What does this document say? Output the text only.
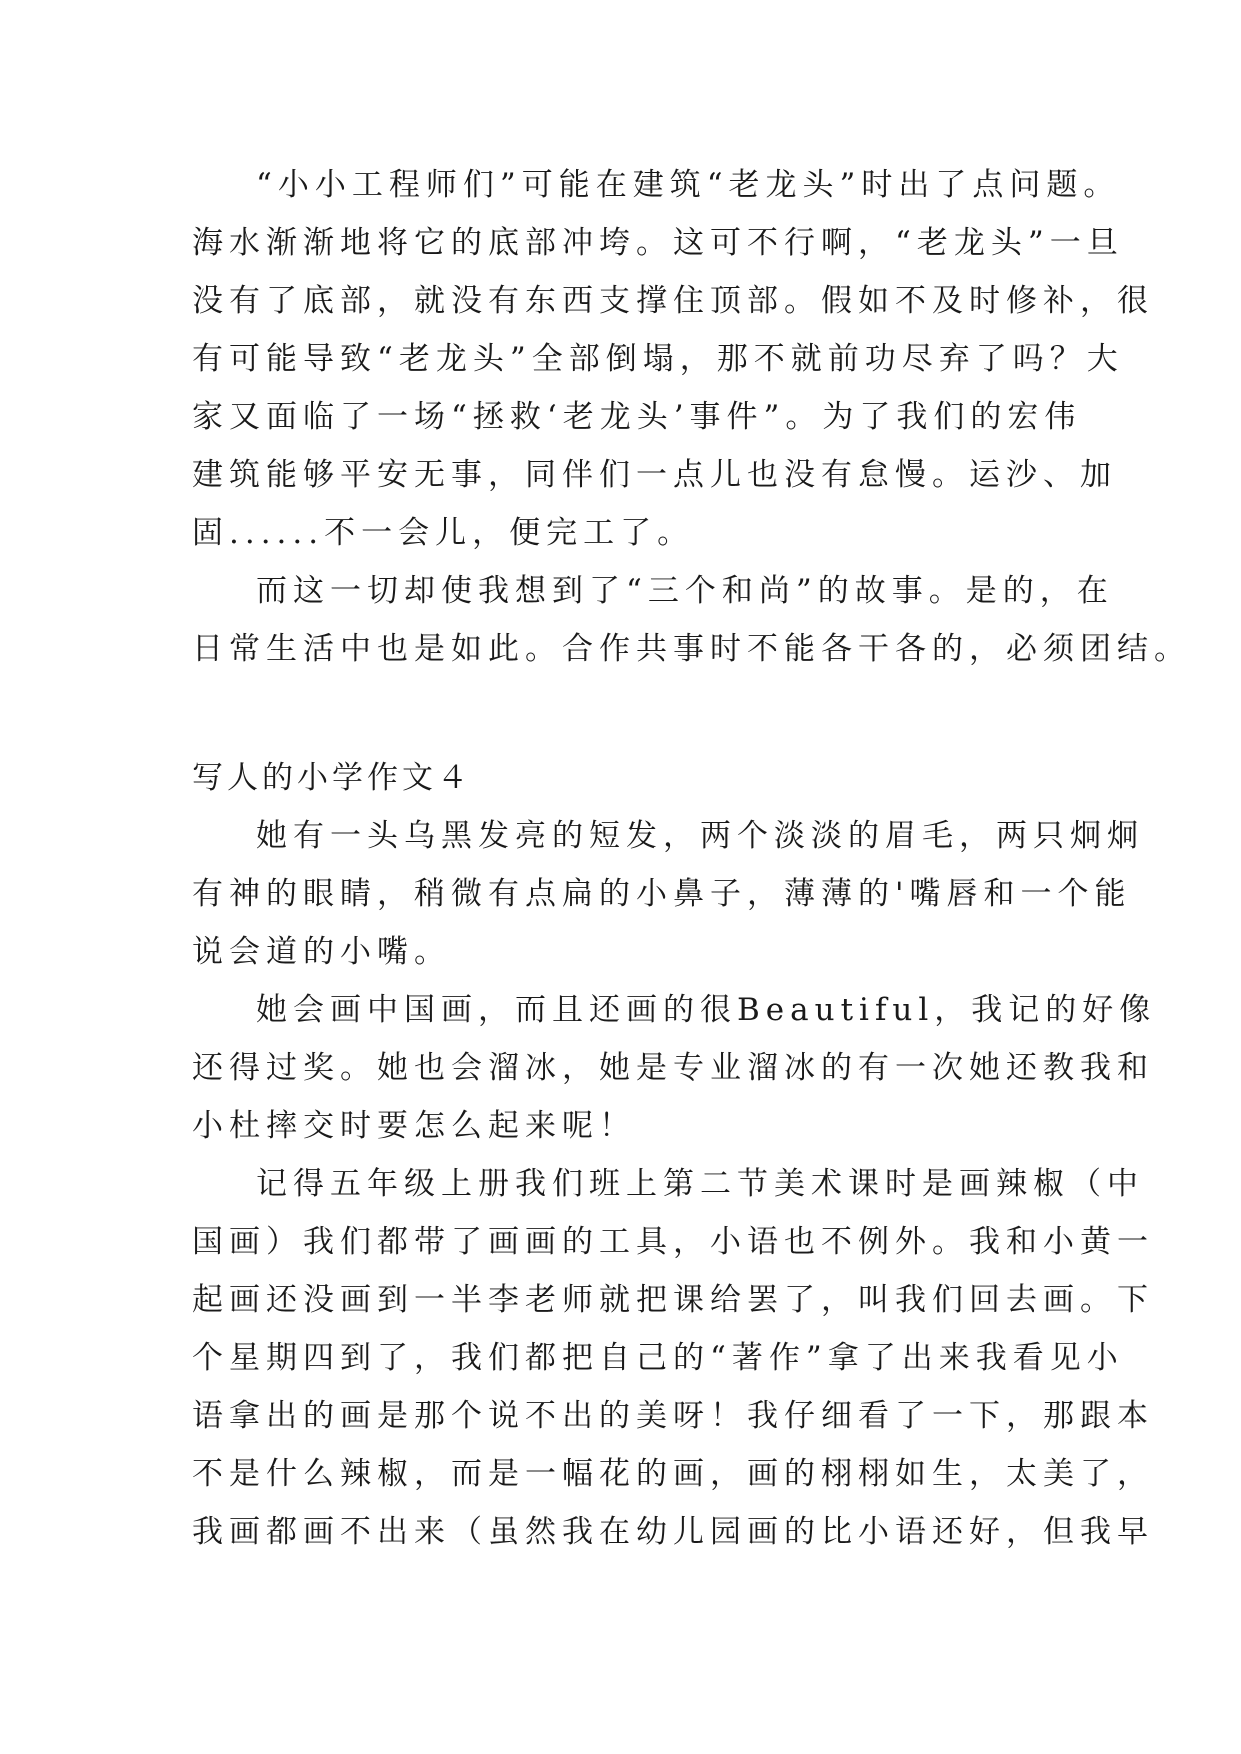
“小小工程师们”可能在建筑“老龙头”时出了点问题。
海水渐渐地将它的底部冲垮。这可不行啊，“老龙头”一旦
没有了底部，就没有东西支撑住顶部。假如不及时修补，很
有可能导致“老龙头”全部倒塌，那不就前功尽弃了吗？大
家又面临了一场“拯救‘老龙头’事件”。为了我们的宏伟
建筑能够平安无事，同伴们一点儿也没有怠慢。运沙、加
固......不一会儿，便完工了。
而这一切却使我想到了“三个和尚”的故事。是的，在
日常生活中也是如此。合作共事时不能各干各的，必须团结。
写人的小学作文４
她有一头乌黑发亮的短发，两个淡淡的眉毛，两只炯炯
有神的眼睛，稍微有点扁的小鼻子，薄薄的'嘴唇和一个能
说会道的小嘴。
她会画中国画，而且还画的很Beautiful，我记的好像
还得过奖。她也会溜冰，她是专业溜冰的有一次她还教我和
小杜摔交时要怎么起来呢！
记得五年级上册我们班上第二节美术课时是画辣椒（中
国画）我们都带了画画的工具，小语也不例外。我和小黄一
起画还没画到一半李老师就把课给罢了，叫我们回去画。下
个星期四到了，我们都把自己的“著作”拿了出来我看见小
语拿出的画是那个说不出的美呀！我仔细看了一下，那跟本
不是什么辣椒，而是一幅花的画，画的栩栩如生，太美了，
我画都画不出来（虽然我在幼儿园画的比小语还好，但我早
